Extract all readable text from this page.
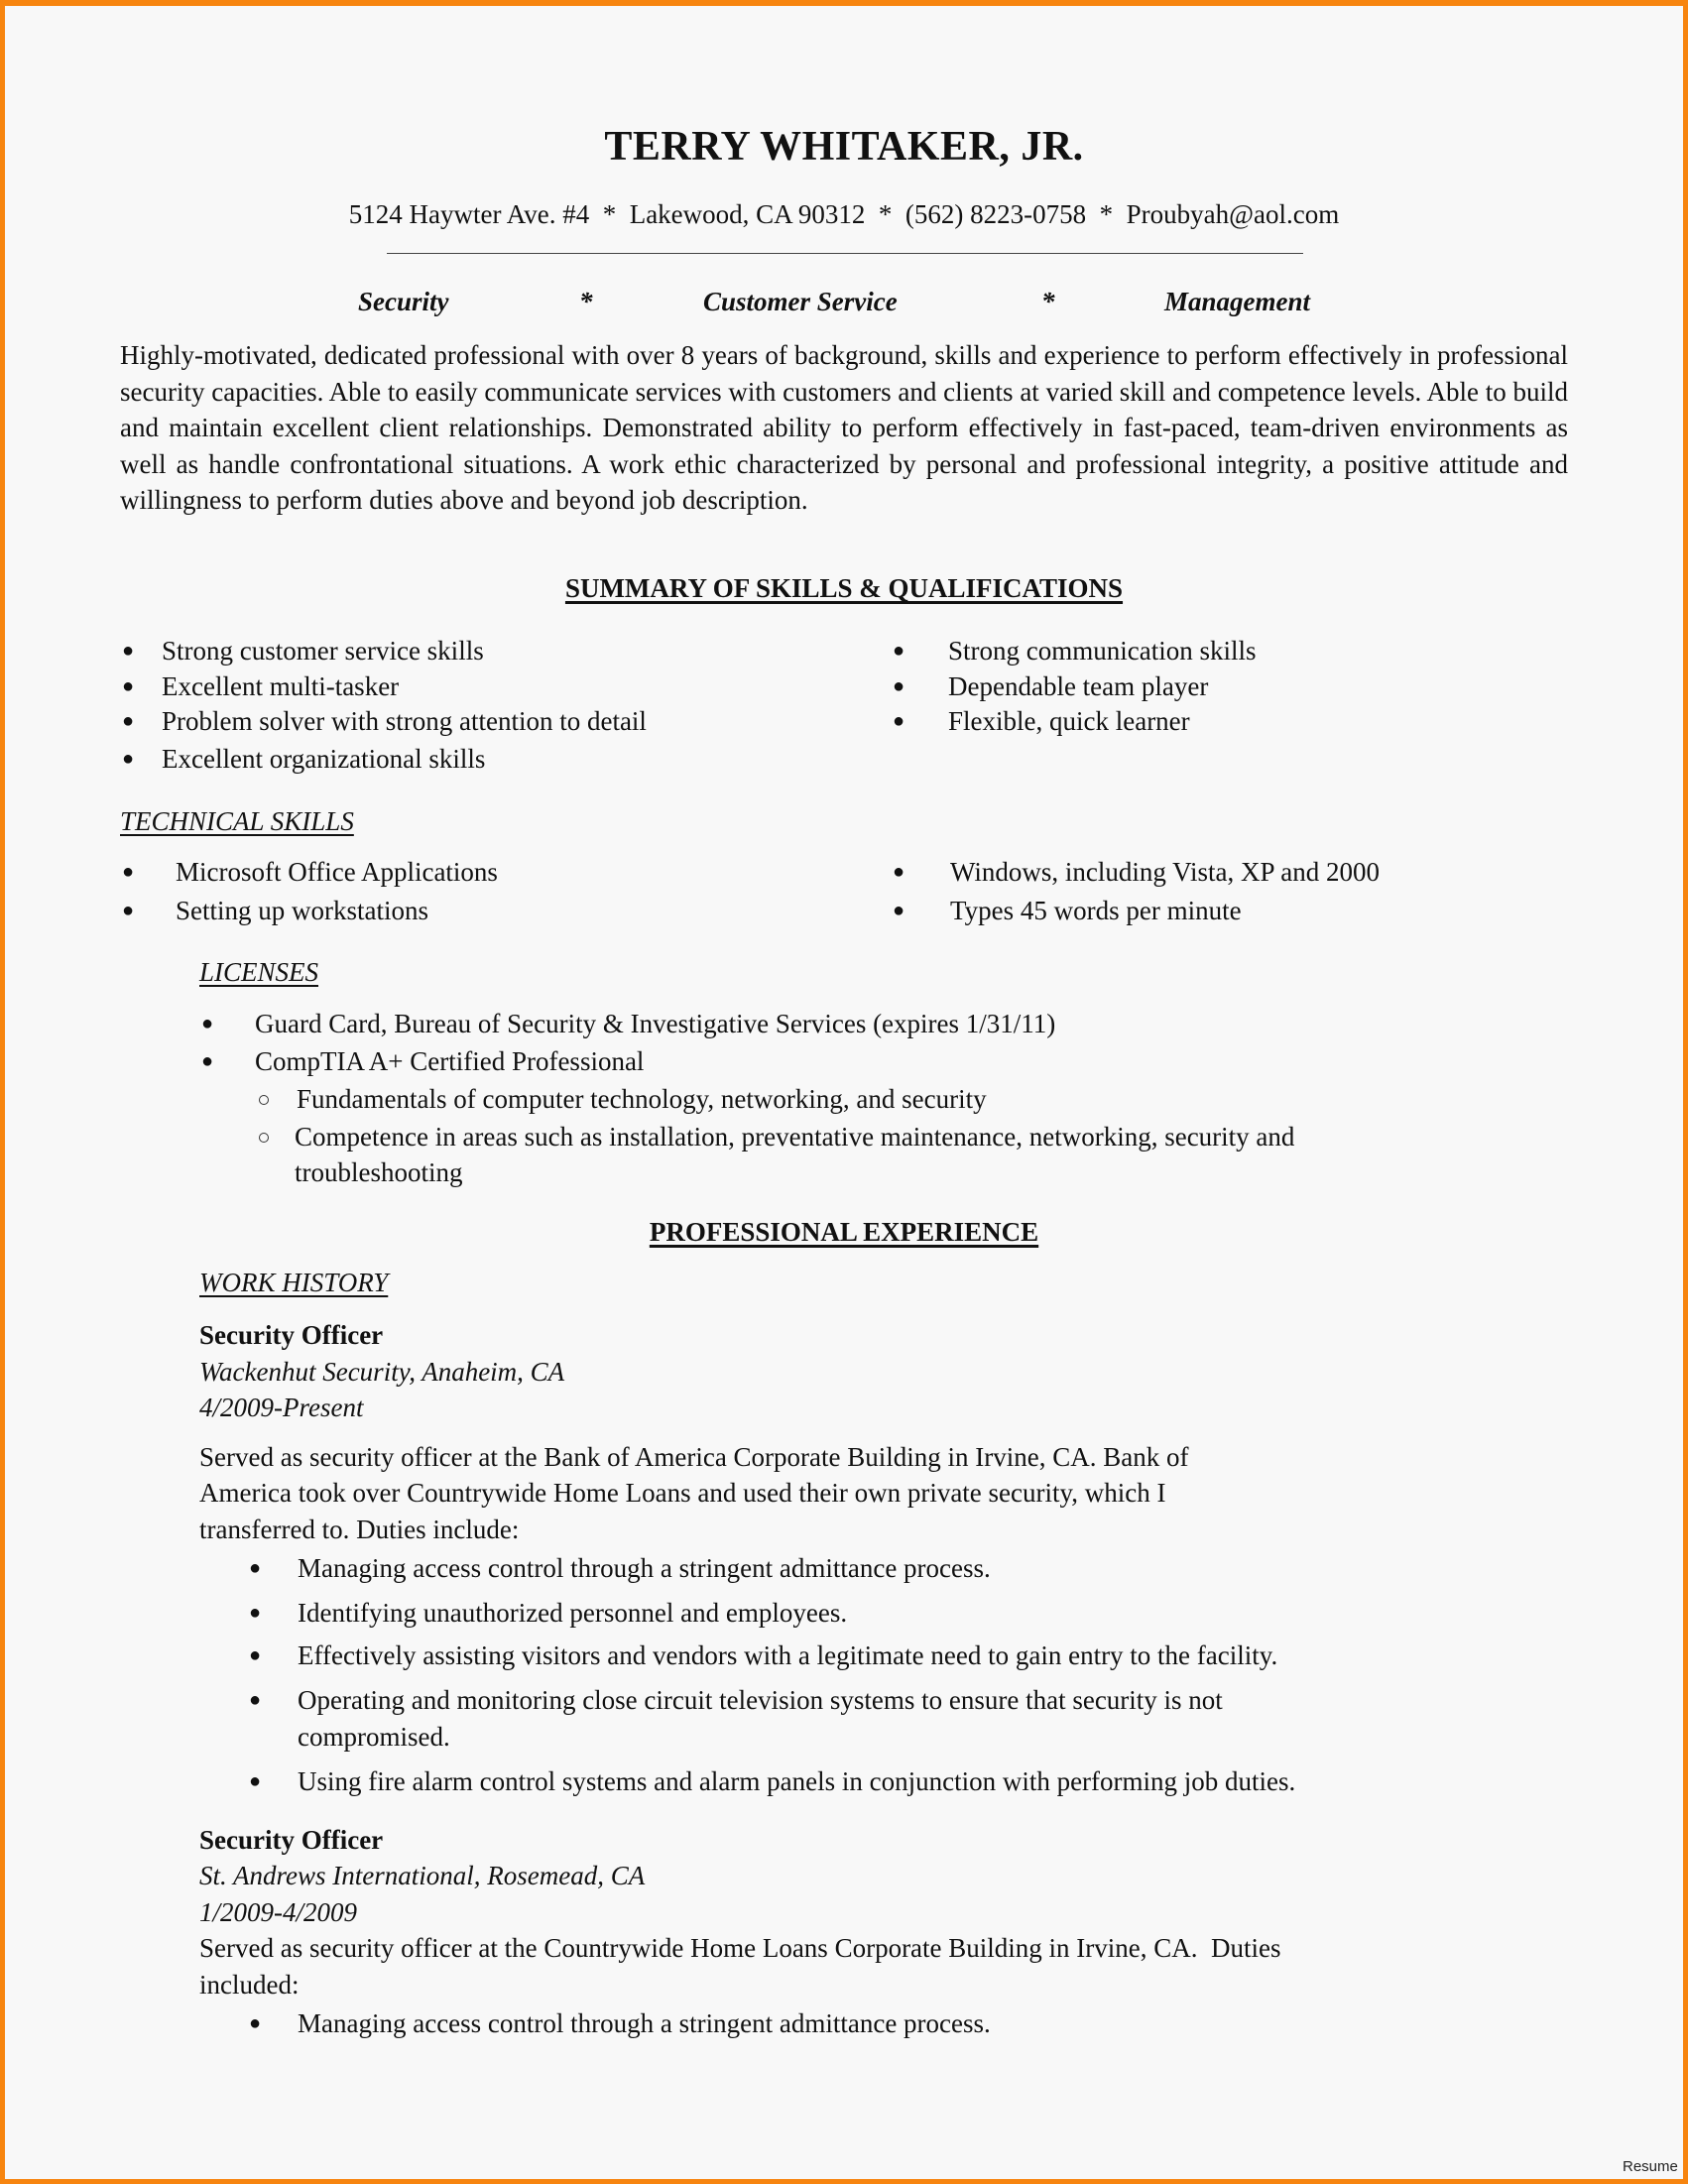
TERRY WHITAKER, JR.
5124 Haywter Ave. #4  *  Lakewood, CA 90312  *  (562) 8223-0758  *  Proubyah@aol.com
Security	*	Customer Service	*	Management
Highly-motivated, dedicated professional with over 8 years of background, skills and experience to perform effectively in professional security capacities. Able to easily communicate services with customers and clients at varied skill and competence levels. Able to build and maintain excellent client relationships. Demonstrated ability to perform effectively in fast-paced, team-driven environments as well as handle confrontational situations. A work ethic characterized by personal and professional integrity, a positive attitude and willingness to perform duties above and beyond job description.
SUMMARY OF SKILLS & QUALIFICATIONS
● Strong customer service skills
● Excellent multi-tasker
● Problem solver with strong attention to detail
● Excellent organizational skills
● Strong communication skills
● Dependable team player
● Flexible, quick learner
TECHNICAL SKILLS
● Microsoft Office Applications
● Setting up workstations
● Windows, including Vista, XP and 2000
● Types 45 words per minute
LICENSES
● Guard Card, Bureau of Security & Investigative Services (expires 1/31/11)
● CompTIA A+ Certified Professional
Fundamentals of computer technology, networking, and security
Competence in areas such as installation, preventative maintenance, networking, security and
troubleshooting
PROFESSIONAL EXPERIENCE
WORK HISTORY
Security Officer
Wackenhut Security, Anaheim, CA
4/2009-Present
Served as security officer at the Bank of America Corporate Building in Irvine, CA. Bank of
America took over Countrywide Home Loans and used their own private security, which I
transferred to. Duties include:
● Managing access control through a stringent admittance process.
● Identifying unauthorized personnel and employees.
● Effectively assisting visitors and vendors with a legitimate need to gain entry to the facility.
● Operating and monitoring close circuit television systems to ensure that security is not
compromised.
● Using fire alarm control systems and alarm panels in conjunction with performing job duties.
Security Officer
St. Andrews International, Rosemead, CA
1/2009-4/2009
Served as security officer at the Countrywide Home Loans Corporate Building in Irvine, CA.  Duties
included:
● Managing access control through a stringent admittance process.
Resume
